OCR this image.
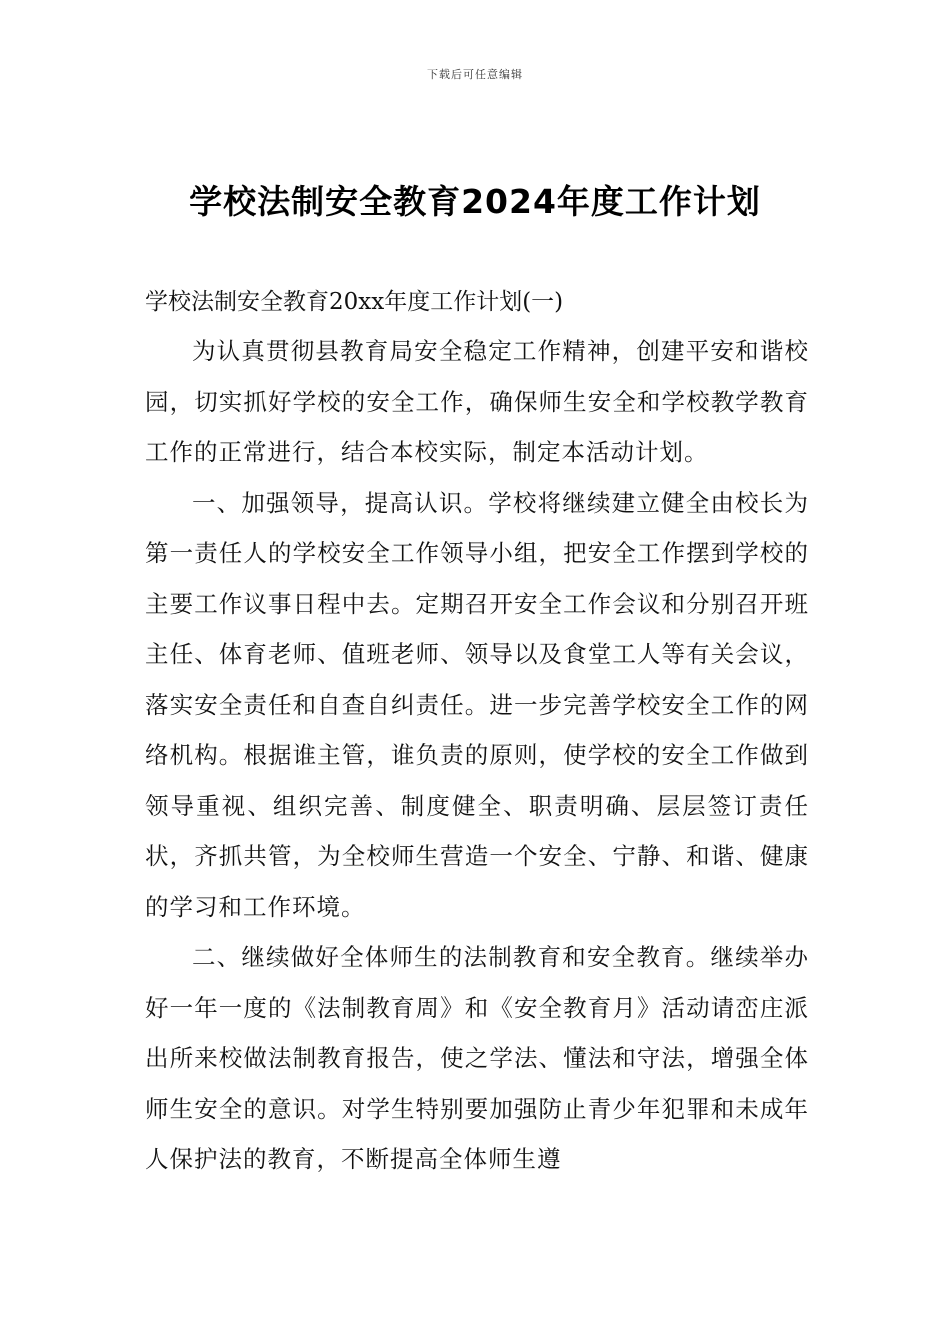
下载后可任意编辑
学校法制安全教育2024年度工作计划

学校法制安全教育20xx年度工作计划(一)

为认真贯彻县教育局安全稳定工作精神，创建平安和谐校园，切实抓好学校的安全工作，确保师生安全和学校教学教育工作的正常进行，结合本校实际，制定本活动计划。

一、加强领导，提高认识。学校将继续建立健全由校长为第一责任人的学校安全工作领导小组，把安全工作摆到学校的主要工作议事日程中去。定期召开安全工作会议和分别召开班主任、体育老师、值班老师、领导以及食堂工人等有关会议，落实安全责任和自查自纠责任。进一步完善学校安全工作的网络机构。根据谁主管，谁负责的原则，使学校的安全工作做到领导重视、组织完善、制度健全、职责明确、层层签订责任状，齐抓共管，为全校师生营造一个安全、宁静、和谐、健康的学习和工作环境。

二、继续做好全体师生的法制教育和安全教育。继续举办好一年一度的《法制教育周》和《安全教育月》活动请峦庄派出所来校做法制教育报告，使之学法、懂法和守法，增强全体师生安全的意识。对学生特别要加强防止青少年犯罪和未成年人保护法的教育，不断提高全体师生遵
